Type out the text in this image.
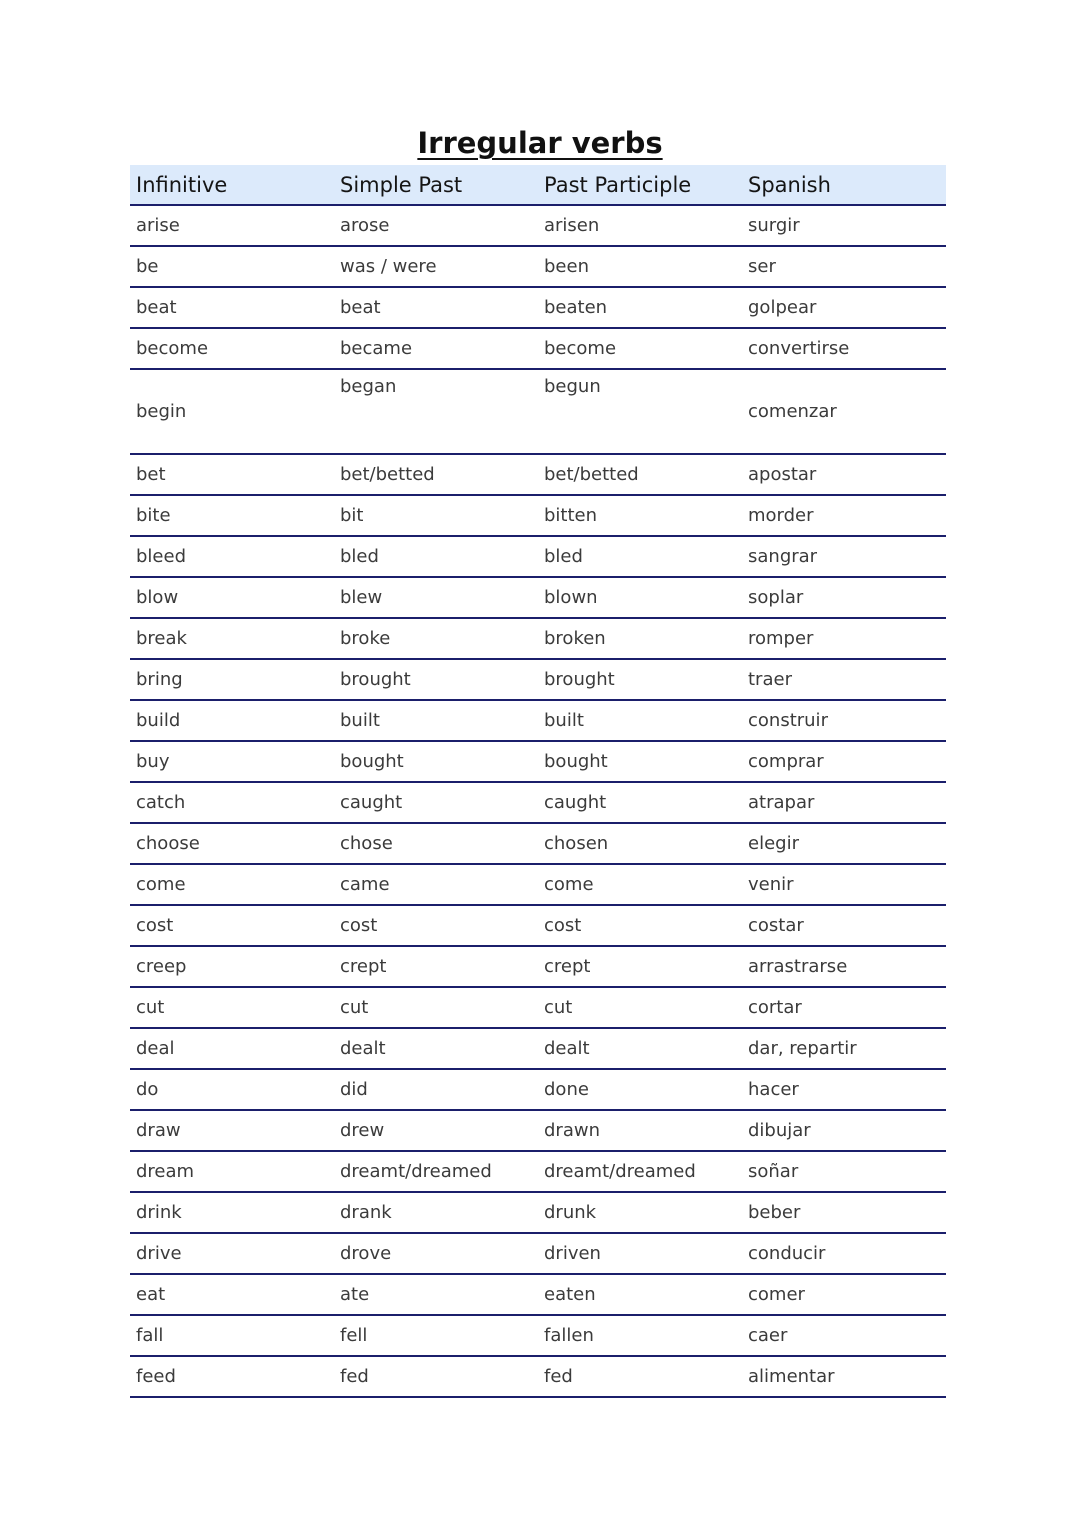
Irregular verbs
Infinitive	Simple Past	Past Participle	Spanish
arise	arose	arisen	surgir
be	was / were	been	ser
beat	beat	beaten	golpear
become	became	become	convertirse
begin	began	begun	comenzar
bet	bet/betted	bet/betted	apostar
bite	bit	bitten	morder
bleed	bled	bled	sangrar
blow	blew	blown	soplar
break	broke	broken	romper
bring	brought	brought	traer
build	built	built	construir
buy	bought	bought	comprar
catch	caught	caught	atrapar
choose	chose	chosen	elegir
come	came	come	venir
cost	cost	cost	costar
creep	crept	crept	arrastrarse
cut	cut	cut	cortar
deal	dealt	dealt	dar, repartir
do	did	done	hacer
draw	drew	drawn	dibujar
dream	dreamt/dreamed	dreamt/dreamed	soñar
drink	drank	drunk	beber
drive	drove	driven	conducir
eat	ate	eaten	comer
fall	fell	fallen	caer
feed	fed	fed	alimentar
